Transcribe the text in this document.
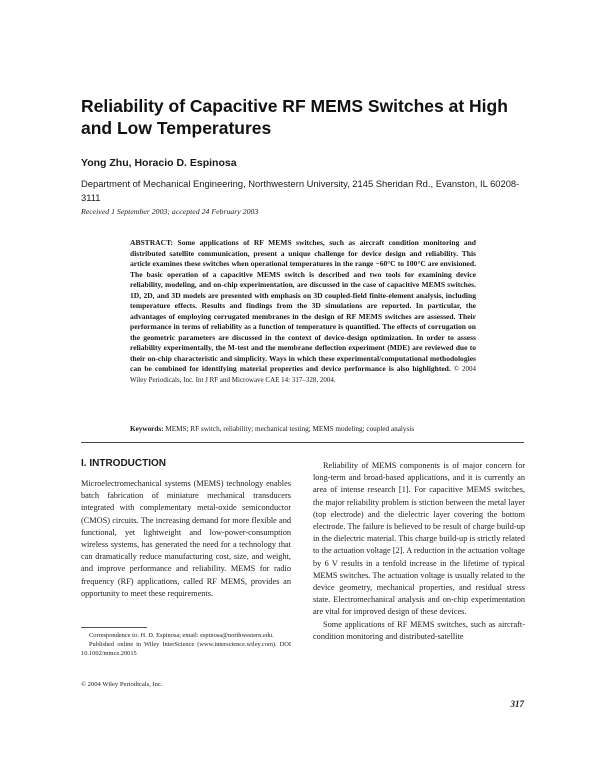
Reliability of Capacitive RF MEMS Switches at High and Low Temperatures
Yong Zhu, Horacio D. Espinosa
Department of Mechanical Engineering, Northwestern University, 2145 Sheridan Rd., Evanston, IL 60208-3111
Received 1 September 2003; accepted 24 February 2003

ABSTRACT: Some applications of RF MEMS switches, such as aircraft condition monitoring and distributed satellite communication, present a unique challenge for device design and reliability. This article examines these switches when operational temperatures in the range −60°C to 100°C are envisioned. The basic operation of a capacitive MEMS switch is described and two tools for examining device reliability, modeling, and on-chip experimentation, are discussed in the case of capacitive MEMS switches. 1D, 2D, and 3D models are presented with emphasis on 3D coupled-field finite-element analysis, including temperature effects. Results and findings from the 3D simulations are reported. In particular, the advantages of employing corrugated membranes in the design of RF MEMS switches are assessed. Their performance in terms of reliability as a function of temperature is quantified. The effects of corrugation on the geometric parameters are discussed in the context of device-design optimization. In order to assess reliability experimentally, the M-test and the membrane deflection experiment (MDE) are reviewed due to their on-chip characteristic and simplicity. Ways in which these experimental/computational methodologies can be combined for identifying material properties and device performance is also highlighted. © 2004 Wiley Periodicals, Inc. Int J RF and Microwave CAE 14: 317–328, 2004.

Keywords: MEMS; RF switch, reliability; mechanical testing; MEMS modeling; coupled analysis
I. INTRODUCTION

Microelectromechanical systems (MEMS) technology enables batch fabrication of miniature mechanical transducers integrated with complementary metal-oxide semiconductor (CMOS) circuits. The increasing demand for more flexible and functional, yet lightweight and low-power-consumption wireless systems, has generated the need for a technology that can dramatically reduce manufacturing cost, size, and weight, and improve performance and reliability. MEMS for radio frequency (RF) applications, called RF MEMS, provides an opportunity to meet these requirements.

Reliability of MEMS components is of major concern for long-term and broad-based applications, and it is currently an area of intense research [1]. For capacitive MEMS switches, the major reliability problem is stiction between the metal layer (top electrode) and the dielectric layer covering the bottom electrode. The failure is believed to be result of charge build-up in the dielectric material. This charge build-up is strictly related to the actuation voltage [2]. A reduction in the actuation voltage by 6 V results in a tenfold increase in the lifetime of typical MEMS switches. The actuation voltage is usually related to the device geometry, mechanical properties, and residual stress state. Electromechanical analysis and on-chip experimentation are vital for improved design of these devices.

Some applications of RF MEMS switches, such as aircraft-condition monitoring and distributed-satellite

Correspondence to: H. D. Espinosa; email: espinosa@northwestern.edu.

Published online in Wiley InterScience (www.interscience.wiley.com). DOI 10.1002/mmce.20015

© 2004 Wiley Periodicals, Inc.
317
